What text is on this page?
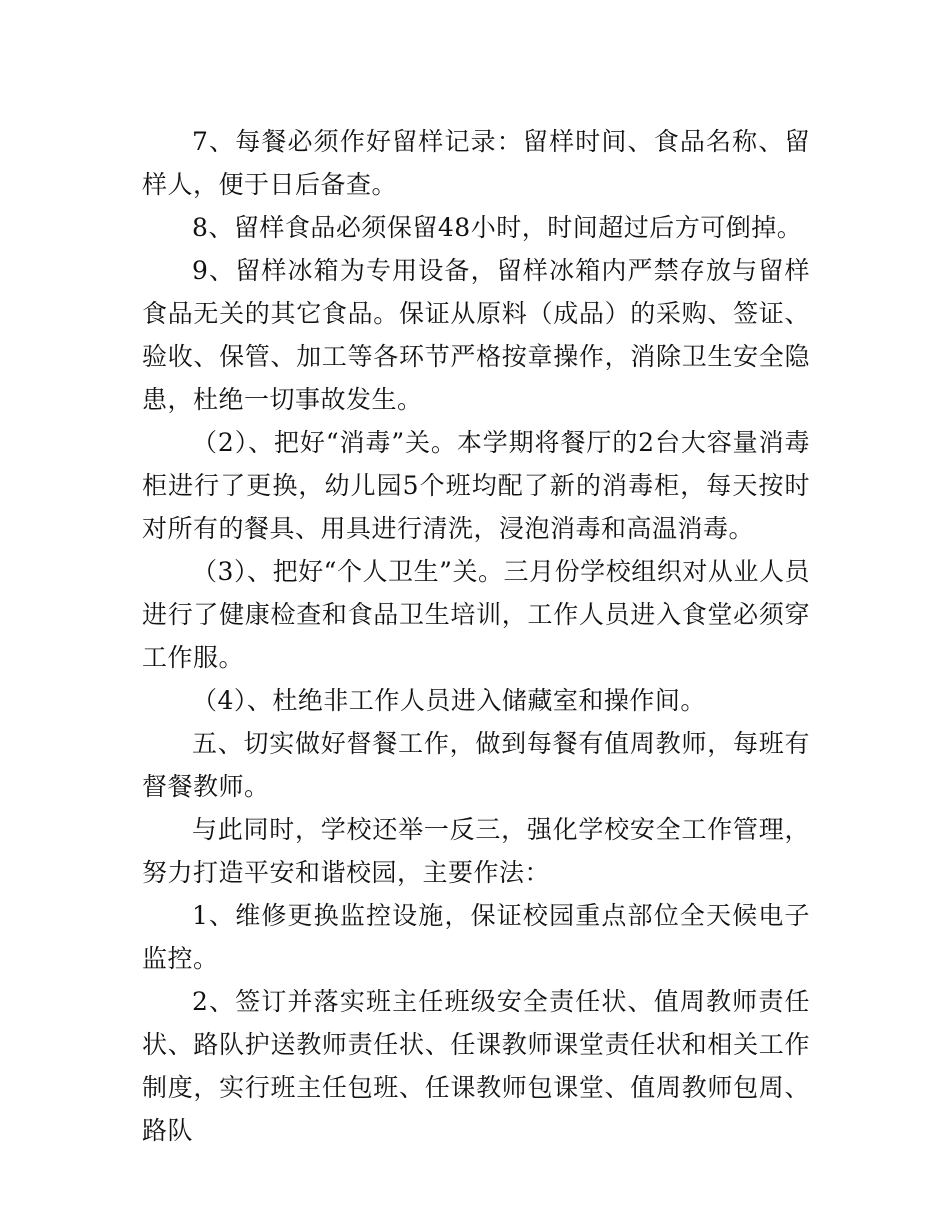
7、每餐必须作好留样记录：留样时间、食品名称、留样人，便于日后备查。

8、留样食品必须保留48小时，时间超过后方可倒掉。

9、留样冰箱为专用设备，留样冰箱内严禁存放与留样食品无关的其它食品。保证从原料（成品）的采购、签证、验收、保管、加工等各环节严格按章操作，消除卫生安全隐患，杜绝一切事故发生。

（2）、把好“消毒”关。本学期将餐厅的2台大容量消毒柜进行了更换，幼儿园5个班均配了新的消毒柜，每天按时对所有的餐具、用具进行清洗，浸泡消毒和高温消毒。

（3）、把好“个人卫生”关。三月份学校组织对从业人员进行了健康检查和食品卫生培训，工作人员进入食堂必须穿工作服。

（4）、杜绝非工作人员进入储藏室和操作间。

五、切实做好督餐工作，做到每餐有值周教师，每班有督餐教师。

与此同时，学校还举一反三，强化学校安全工作管理，努力打造平安和谐校园，主要作法：

1、维修更换监控设施，保证校园重点部位全天候电子监控。

2、签订并落实班主任班级安全责任状、值周教师责任状、路队护送教师责任状、任课教师课堂责任状和相关工作制度，实行班主任包班、任课教师包课堂、值周教师包周、路队
